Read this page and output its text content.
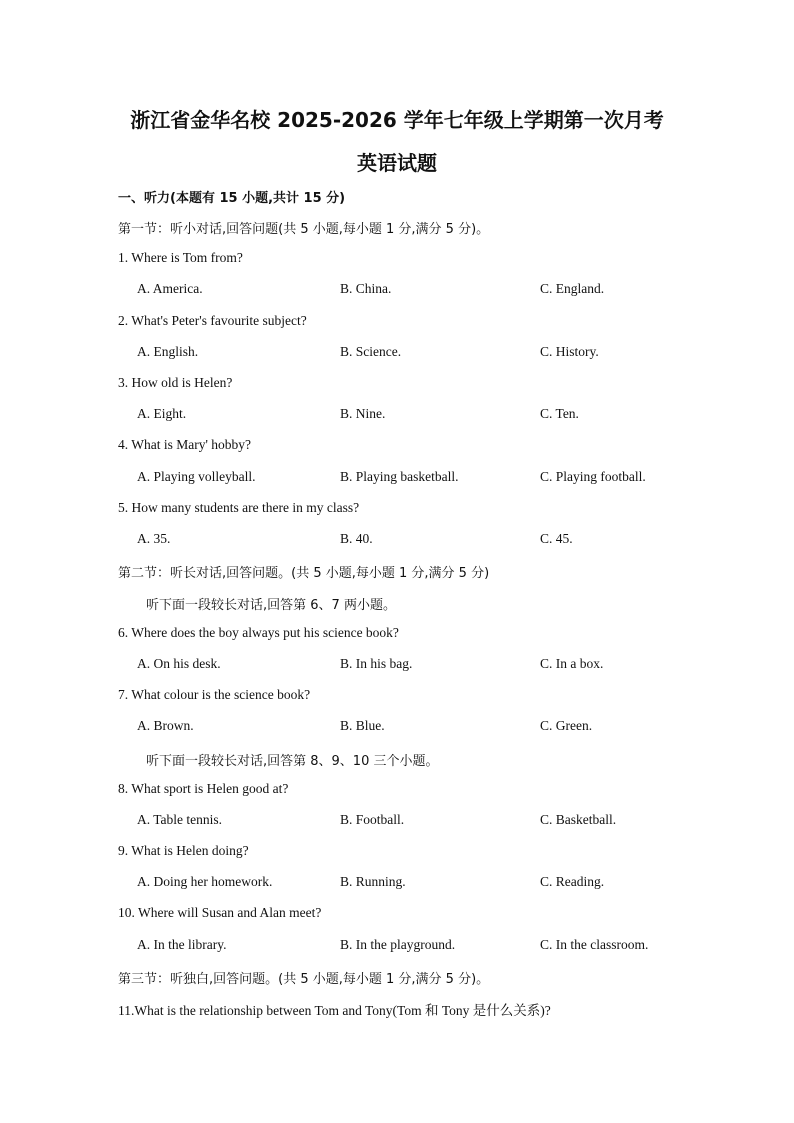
浙江省金华名校 2025-2026 学年七年级上学期第一次月考
英语试题
一、听力(本题有 15 小题,共计 15 分)
第一节：听小对话,回答问题(共 5 小题,每小题 1 分,满分 5 分)。
1. Where is Tom from?
A. America.	B. China.	C. England.
2. What's Peter's favourite subject?
A. English.	B. Science.	C. History.
3. How old is Helen?
A. Eight.	B. Nine.	C. Ten.
4. What is Mary' hobby?
A. Playing volleyball.	B. Playing basketball.	C. Playing football.
5. How many students are there in my class?
A. 35.	B. 40.	C. 45.
第二节：听长对话,回答问题。(共 5 小题,每小题 1 分,满分 5 分)
听下面一段较长对话,回答第 6、7 两小题。
6. Where does the boy always put his science book?
A. On his desk.	B. In his bag.	C. In a box.
7. What colour is the science book?
A. Brown.	B. Blue.	C. Green.
听下面一段较长对话,回答第 8、9、10 三个小题。
8. What sport is Helen good at?
A. Table tennis.	B. Football.	C. Basketball.
9. What is Helen doing?
A. Doing her homework.	B. Running.	C. Reading.
10. Where will Susan and Alan meet?
A. In the library.	B. In the playground.	C. In the classroom.
第三节：听独白,回答问题。(共 5 小题,每小题 1 分,满分 5 分)。
11.What is the relationship between Tom and Tony(Tom 和 Tony 是什么关系)?
